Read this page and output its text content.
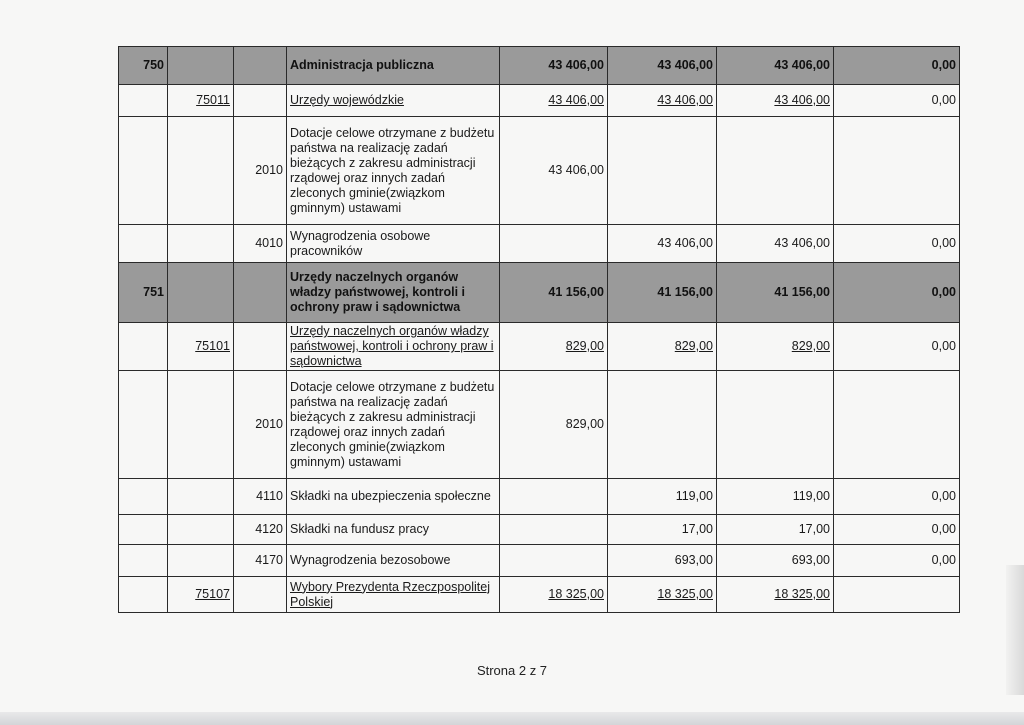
750			Administracja publiczna	43 406,00	43 406,00	43 406,00	0,00
	75011		Urzędy wojewódzkie	43 406,00	43 406,00	43 406,00	0,00
		2010	Dotacje celowe otrzymane z budżetu państwa na realizację zadań bieżących z zakresu administracji rządowej oraz innych zadań zleconych gminie(związkom gminnym) ustawami	43 406,00			
		4010	Wynagrodzenia osobowe pracowników		43 406,00	43 406,00	0,00
751			Urzędy naczelnych organów władzy państwowej, kontroli i ochrony praw i sądownictwa	41 156,00	41 156,00	41 156,00	0,00
	75101		Urzędy naczelnych organów władzy państwowej, kontroli i ochrony praw i sądownictwa	829,00	829,00	829,00	0,00
		2010	Dotacje celowe otrzymane z budżetu państwa na realizację zadań bieżących z zakresu administracji rządowej oraz innych zadań zleconych gminie(związkom gminnym) ustawami	829,00			
		4110	Składki na ubezpieczenia społeczne		119,00	119,00	0,00
		4120	Składki na fundusz pracy		17,00	17,00	0,00
		4170	Wynagrodzenia bezosobowe		693,00	693,00	0,00
	75107		Wybory Prezydenta Rzeczpospolitej Polskiej	18 325,00	18 325,00	18 325,00	
Strona 2 z 7
